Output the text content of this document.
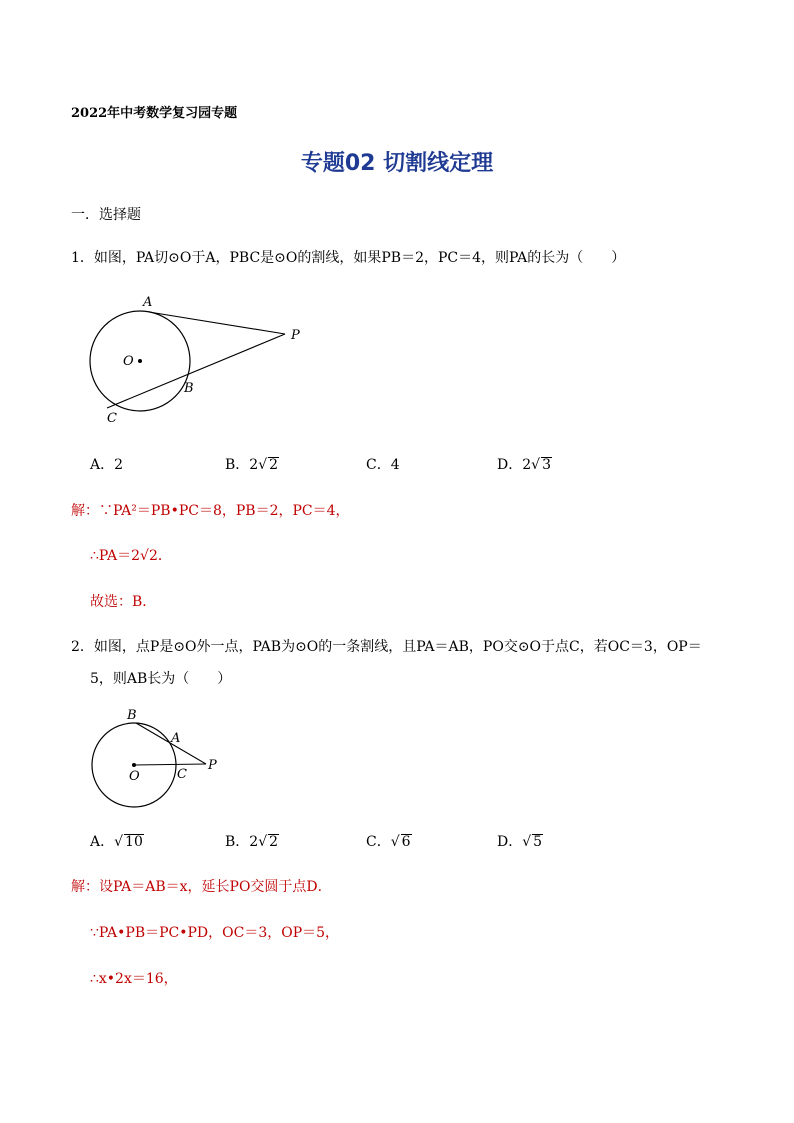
2022年中考数学复习园专题
专题02 切割线定理
一．选择题
1．如图，PA切⊙O于A，PBC是⊙O的割线，如果PB＝2，PC＝4，则PA的长为（　　）
A
P
O
B
C
A．2	B．2√ 2	C．4	D．2√ 3
解：∵PA²＝PB•PC＝8，PB＝2，PC＝4，
∴PA＝2√2．
故选：B．
2．如图，点P是⊙O外一点，PAB为⊙O的一条割线，且PA＝AB，PO交⊙O于点C，若OC＝3，OP＝
5，则AB长为（　　）
B
A
P
O	C
A．√ 10	B．2√ 2	C．√ 6	D．√ 5
解：设PA＝AB＝x，延长PO交圆于点D．
∵PA•PB＝PC•PD，OC＝3，OP＝5，
∴x•2x＝16，
